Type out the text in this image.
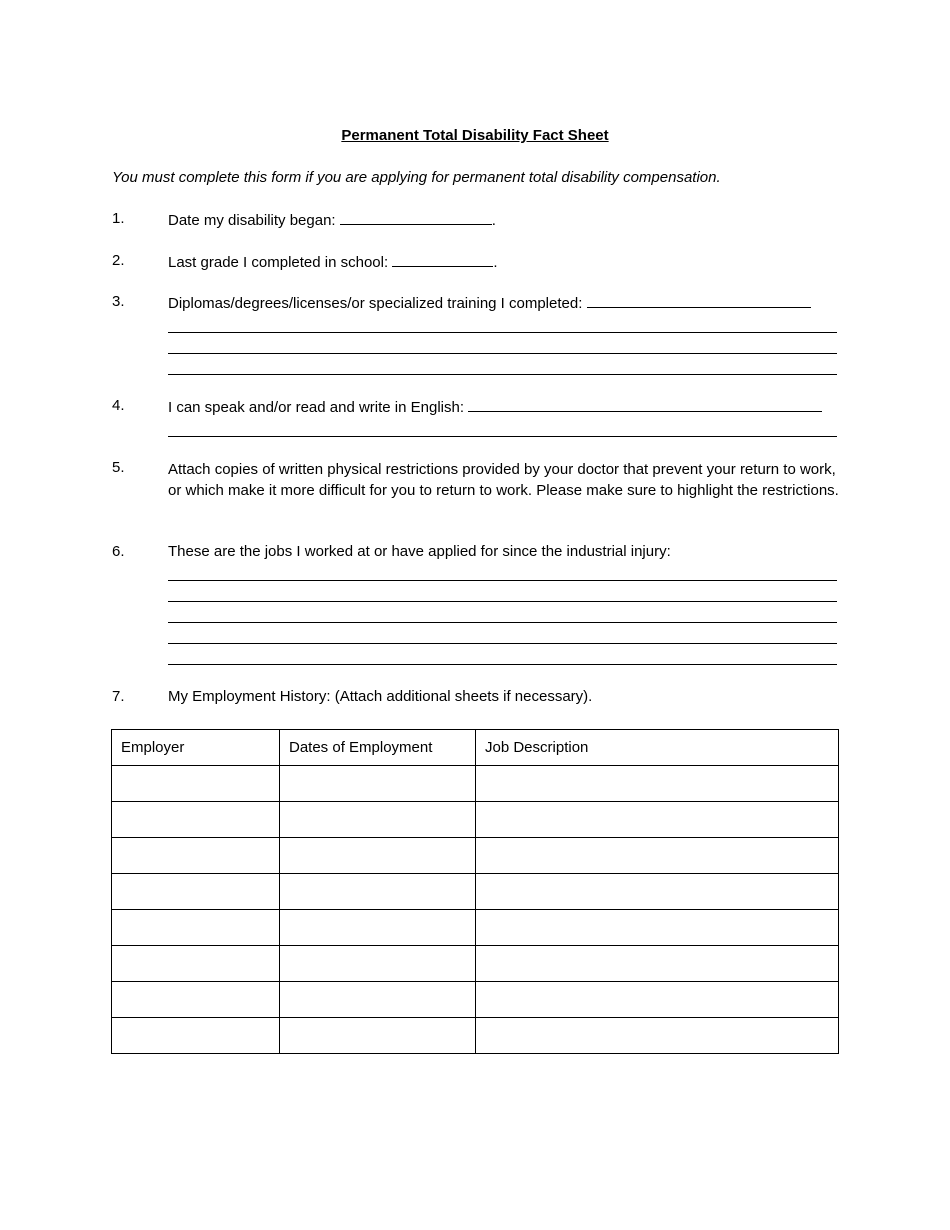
Permanent Total Disability Fact Sheet
You must complete this form if you are applying for permanent total disability compensation.
1.	Date my disability began:	.
2.	Last grade I completed in school:	.
3.	Diplomas/degrees/licenses/or specialized training I completed:
4.	I can speak and/or read and write in English:
5.	Attach copies of written physical restrictions provided by your doctor that prevent your return to work, or which make it more difficult for you to return to work. Please make sure to highlight the restrictions.
6.	These are the jobs I worked at or have applied for since the industrial injury:
7.	My Employment History: (Attach additional sheets if necessary).
Employer	Dates of Employment	Job Description
